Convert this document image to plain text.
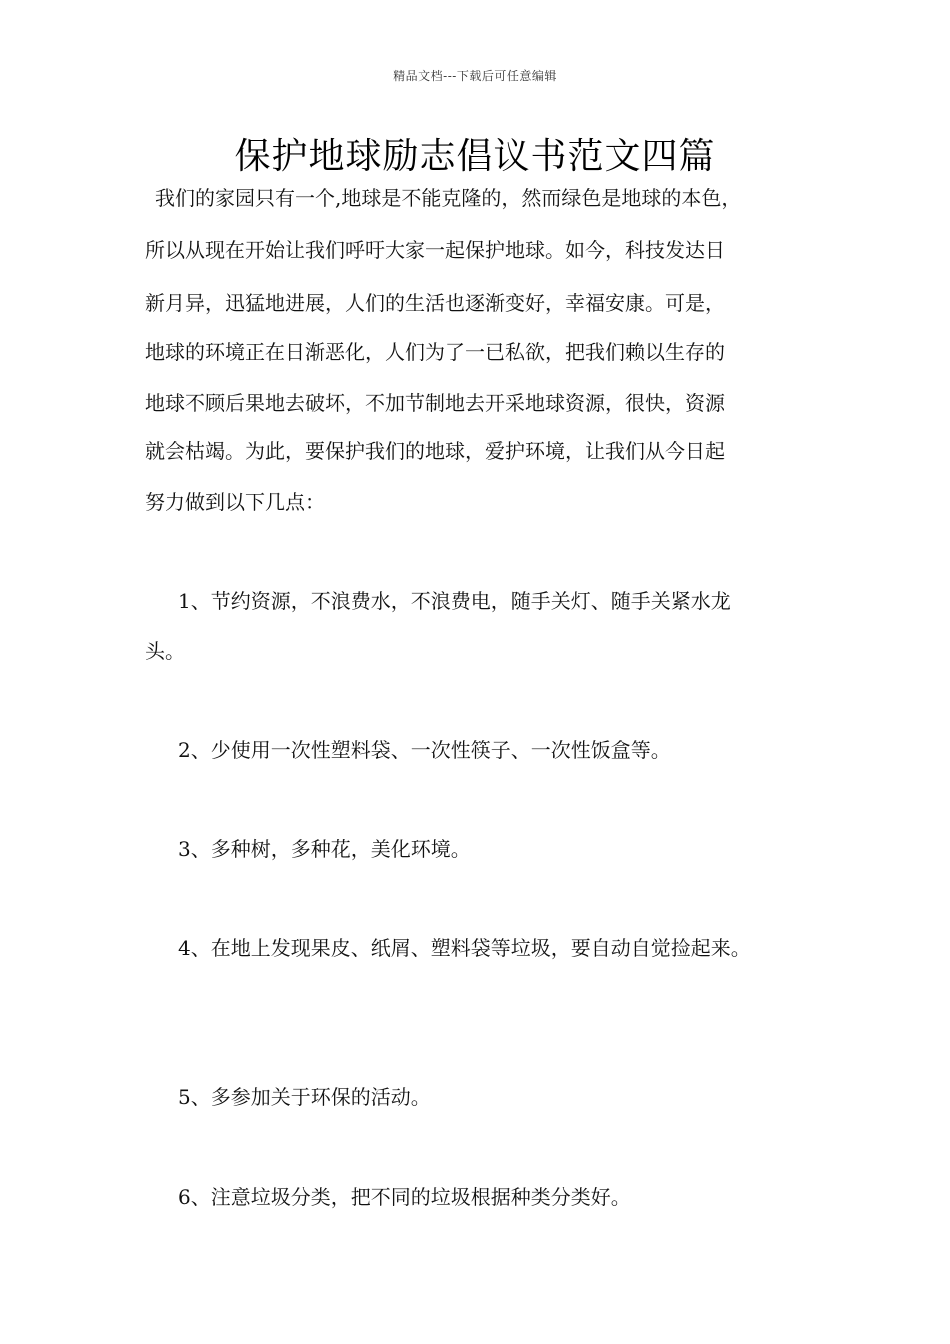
精品文档---下载后可任意编辑
保护地球励志倡议书范文四篇
我们的家园只有一个,地球是不能克隆的，然而绿色是地球的本色，
所以从现在开始让我们呼吁大家一起保护地球。如今，科技发达日
新月异，迅猛地进展，人们的生活也逐渐变好，幸福安康。可是，
地球的环境正在日渐恶化，人们为了一已私欲，把我们赖以生存的
地球不顾后果地去破坏，不加节制地去开采地球资源，很快，资源
就会枯竭。为此，要保护我们的地球，爱护环境，让我们从今日起
努力做到以下几点：
1、节约资源，不浪费水，不浪费电，随手关灯、随手关紧水龙
头。
2、少使用一次性塑料袋、一次性筷子、一次性饭盒等。
3、多种树，多种花，美化环境。
4、在地上发现果皮、纸屑、塑料袋等垃圾，要自动自觉捡起来。
5、多参加关于环保的活动。
6、注意垃圾分类，把不同的垃圾根据种类分类好。
